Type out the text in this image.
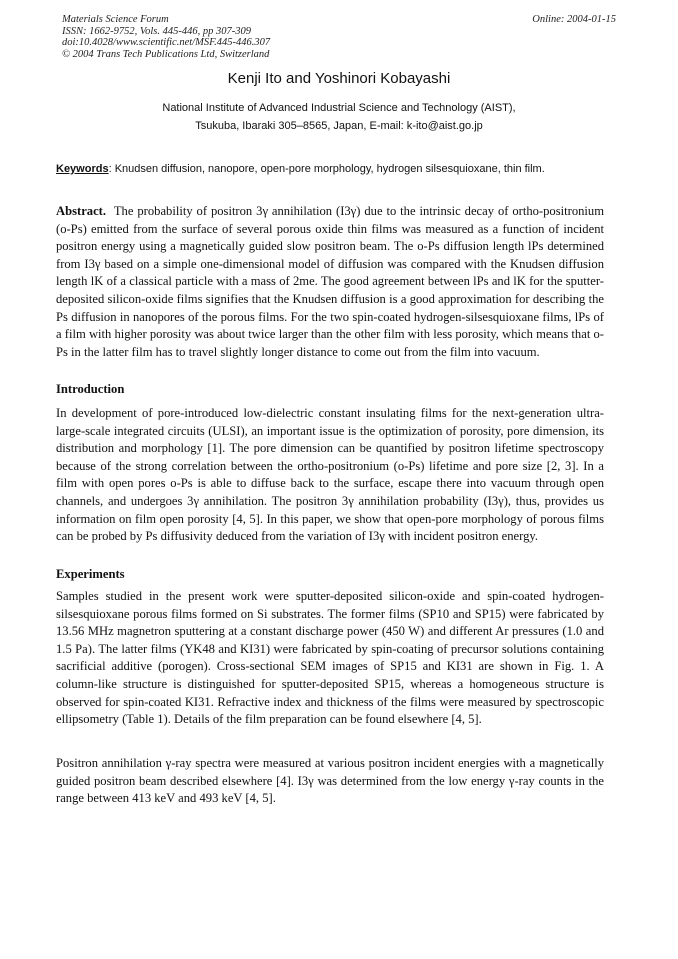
Materials Science Forum
ISSN: 1662-9752, Vols. 445-446, pp 307-309
doi:10.4028/www.scientific.net/MSF.445-446.307
© 2004 Trans Tech Publications Ltd, Switzerland
Online: 2004-01-15
Kenji Ito and Yoshinori Kobayashi
National Institute of Advanced Industrial Science and Technology (AIST),
Tsukuba, Ibaraki 305–8565, Japan, E-mail: k-ito@aist.go.jp
Keywords: Knudsen diffusion, nanopore, open-pore morphology, hydrogen silsesquioxane, thin film.

Abstract. The probability of positron 3γ annihilation (I3γ) due to the intrinsic decay of ortho-positronium (o-Ps) emitted from the surface of several porous oxide thin films was measured as a function of incident positron energy using a magnetically guided slow positron beam. The o-Ps diffusion length lPs determined from I3γ based on a simple one-dimensional model of diffusion was compared with the Knudsen diffusion length lK of a classical particle with a mass of 2me. The good agreement between lPs and lK for the sputter-deposited silicon-oxide films signifies that the Knudsen diffusion is a good approximation for describing the Ps diffusion in nanopores of the porous films. For the two spin-coated hydrogen-silsesquioxane films, lPs of a film with higher porosity was about twice larger than the other film with less porosity, which means that o-Ps in the latter film has to travel slightly longer distance to come out from the film into vacuum.

Introduction

In development of pore-introduced low-dielectric constant insulating films for the next-generation ultra-large-scale integrated circuits (ULSI), an important issue is the optimization of porosity, pore dimension, its distribution and morphology [1]. The pore dimension can be quantified by positron lifetime spectroscopy because of the strong correlation between the ortho-positronium (o-Ps) lifetime and pore size [2, 3]. In a film with open pores o-Ps is able to diffuse back to the surface, escape there into vacuum through open channels, and undergoes 3γ annihilation. The positron 3γ annihilation probability (I3γ), thus, provides us information on film open porosity [4, 5]. In this paper, we show that open-pore morphology of porous films can be probed by Ps diffusivity deduced from the variation of I3γ with incident positron energy.

Experiments

Samples studied in the present work were sputter-deposited silicon-oxide and spin-coated hydrogen-silsesquioxane porous films formed on Si substrates. The former films (SP10 and SP15) were fabricated by 13.56 MHz magnetron sputtering at a constant discharge power (450 W) and different Ar pressures (1.0 and 1.5 Pa). The latter films (YK48 and KI31) were fabricated by spin-coating of precursor solutions containing sacrificial additive (porogen). Cross-sectional SEM images of SP15 and KI31 are shown in Fig. 1. A column-like structure is distinguished for sputter-deposited SP15, whereas a homogeneous structure is observed for spin-coated KI31. Refractive index and thickness of the films were measured by spectroscopic ellipsometry (Table 1). Details of the film preparation can be found elsewhere [4, 5].

Positron annihilation γ-ray spectra were measured at various positron incident energies with a magnetically guided positron beam described elsewhere [4]. I3γ was determined from the low energy γ-ray counts in the range between 413 keV and 493 keV [4, 5].
